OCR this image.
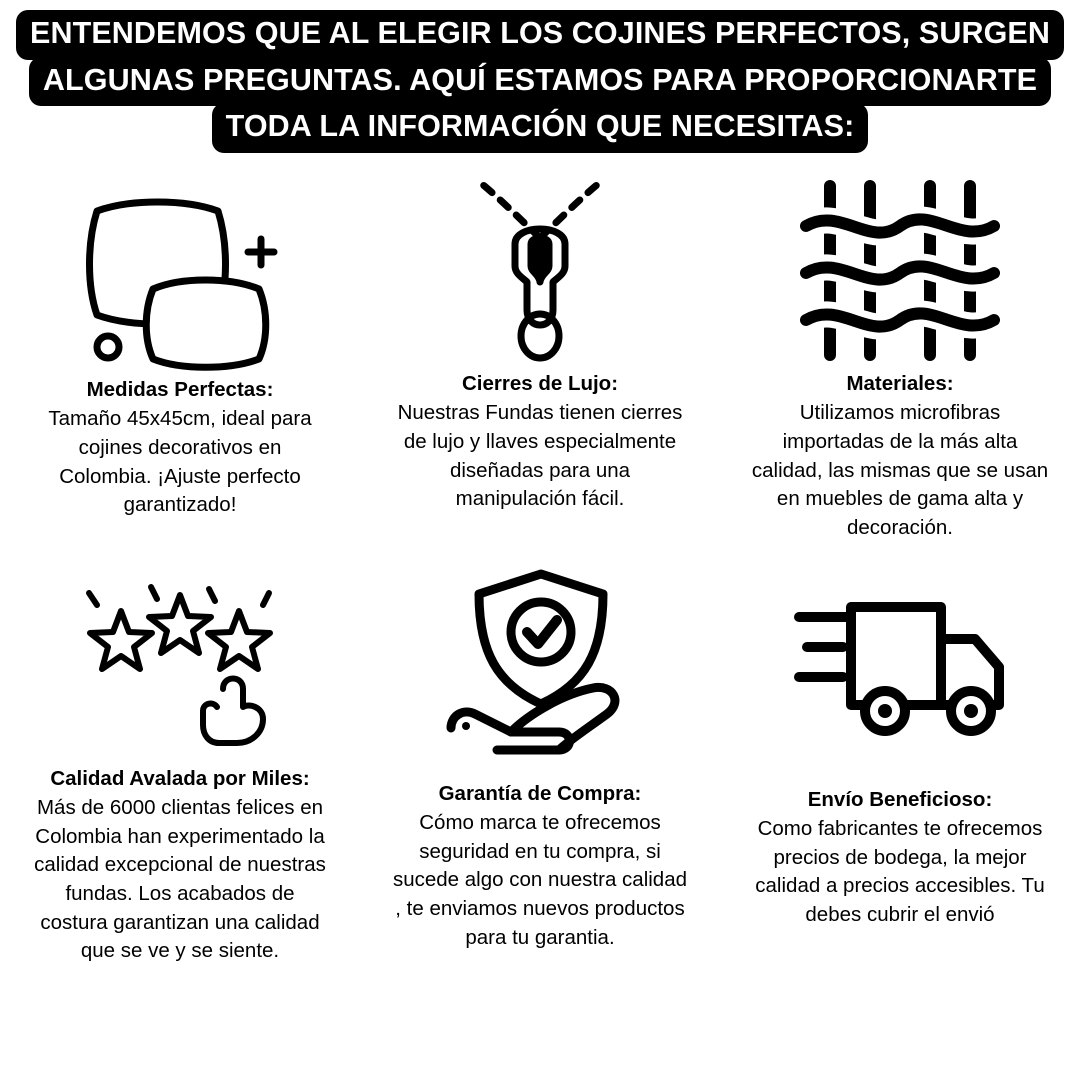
ENTENDEMOS QUE AL ELEGIR LOS COJINES PERFECTOS, SURGEN
ALGUNAS PREGUNTAS. AQUÍ ESTAMOS PARA PROPORCIONARTE
TODA LA INFORMACIÓN QUE NECESITAS:
Medidas Perfectas:
Tamaño 45x45cm, ideal para cojines decorativos en Colombia. ¡Ajuste perfecto garantizado!
Cierres de Lujo:
Nuestras Fundas tienen cierres de lujo y llaves especialmente diseñadas para una manipulación fácil.
Materiales:
Utilizamos microfibras importadas de la más alta calidad, las mismas que se usan en muebles de gama alta y decoración.
Calidad Avalada por Miles:
Más de 6000 clientas felices en Colombia han experimentado la calidad excepcional de nuestras fundas. Los acabados de costura garantizan una calidad que se ve y se siente.
Garantía de Compra:
Cómo marca te ofrecemos seguridad en tu compra, si sucede algo con nuestra calidad , te enviamos nuevos productos para tu garantia.
Envío Beneficioso:
Como fabricantes te ofrecemos precios de bodega, la mejor calidad a precios accesibles. Tu debes cubrir el envió
